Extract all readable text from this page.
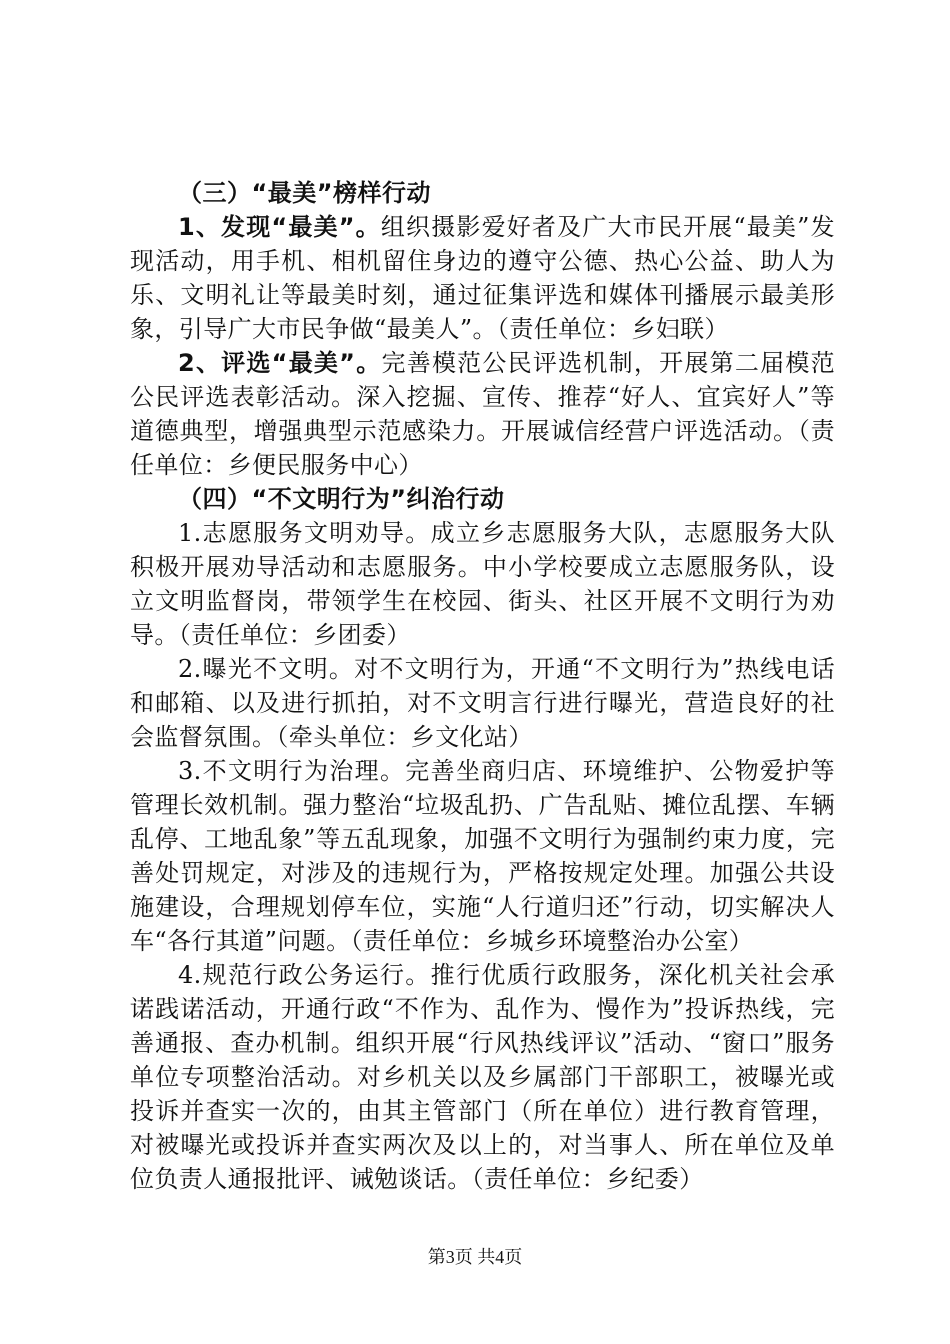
（三）“最美”榜样行动

1、发现“最美”。组织摄影爱好者及广大市民开展“最美”发现活动，用手机、相机留住身边的遵守公德、热心公益、助人为乐、文明礼让等最美时刻，通过征集评选和媒体刊播展示最美形象，引导广大市民争做“最美人”。（责任单位：乡妇联）

2、评选“最美”。完善模范公民评选机制，开展第二届模范公民评选表彰活动。深入挖掘、宣传、推荐“好人、宜宾好人”等道德典型，增强典型示范感染力。开展诚信经营户评选活动。（责任单位：乡便民服务中心）

（四）“不文明行为”纠治行动

1.志愿服务文明劝导。成立乡志愿服务大队，志愿服务大队积极开展劝导活动和志愿服务。中小学校要成立志愿服务队，设立文明监督岗，带领学生在校园、街头、社区开展不文明行为劝导。（责任单位：乡团委）

2.曝光不文明。对不文明行为，开通“不文明行为”热线电话和邮箱、以及进行抓拍，对不文明言行进行曝光，营造良好的社会监督氛围。（牵头单位：乡文化站）

3.不文明行为治理。完善坐商归店、环境维护、公物爱护等管理长效机制。强力整治“垃圾乱扔、广告乱贴、摊位乱摆、车辆乱停、工地乱象”等五乱现象，加强不文明行为强制约束力度，完善处罚规定，对涉及的违规行为，严格按规定处理。加强公共设施建设，合理规划停车位，实施“人行道归还”行动，切实解决人车“各行其道”问题。（责任单位：乡城乡环境整治办公室）

4.规范行政公务运行。推行优质行政服务，深化机关社会承诺践诺活动，开通行政“不作为、乱作为、慢作为”投诉热线，完善通报、查办机制。组织开展“行风热线评议”活动、“窗口”服务单位专项整治活动。对乡机关以及乡属部门干部职工，被曝光或投诉并查实一次的，由其主管部门（所在单位）进行教育管理，对被曝光或投诉并查实两次及以上的，对当事人、所在单位及单位负责人通报批评、诫勉谈话。（责任单位：乡纪委）

第3页 共4页
